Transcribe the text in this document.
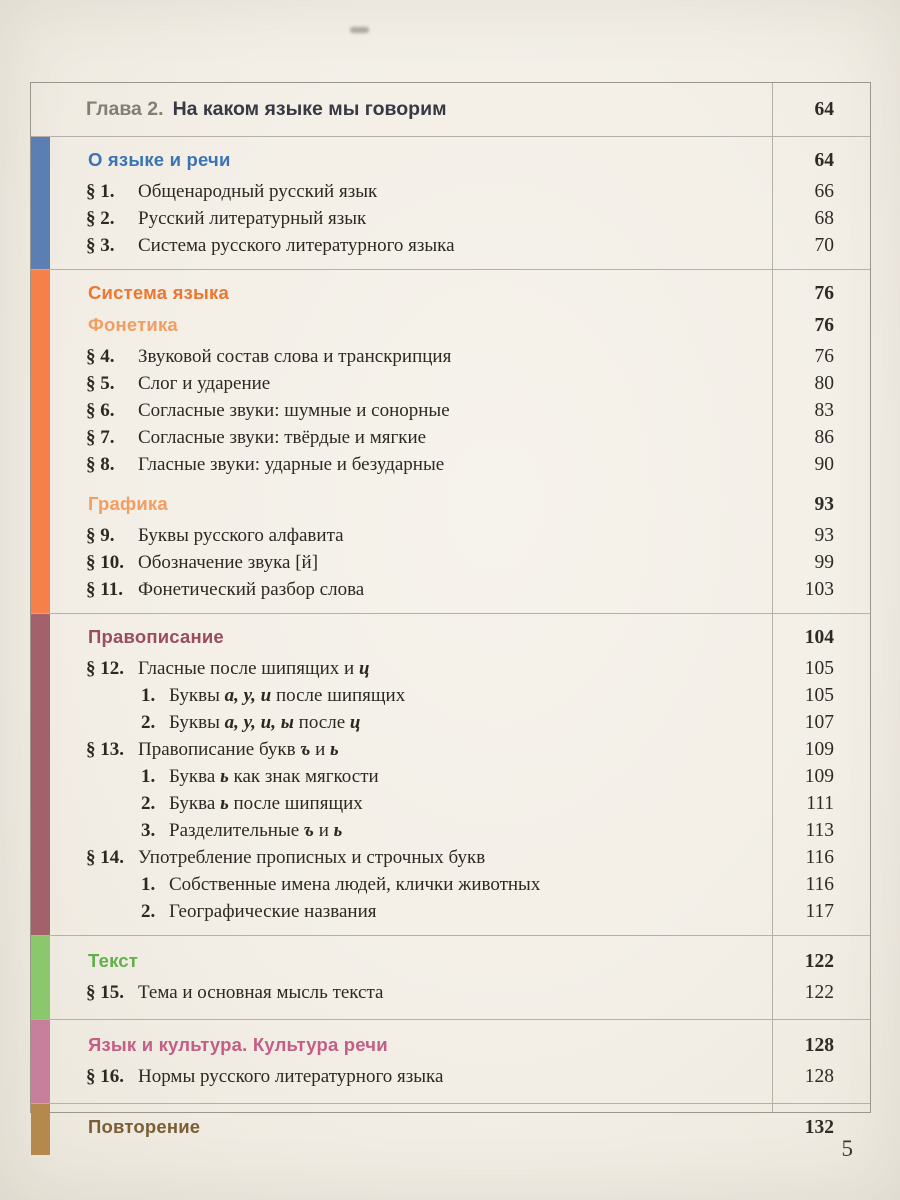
Глава 2. На каком языке мы говорим	64
О языке и речи	64
§ 1. Общенародный русский язык	66
§ 2. Русский литературный язык	68
§ 3. Система русского литературного языка	70
Система языка	76
Фонетика	76
§ 4. Звуковой состав слова и транскрипция	76
§ 5. Слог и ударение	80
§ 6. Согласные звуки: шумные и сонорные	83
§ 7. Согласные звуки: твёрдые и мягкие	86
§ 8. Гласные звуки: ударные и безударные	90
Графика	93
§ 9. Буквы русского алфавита	93
§ 10. Обозначение звука [й]	99
§ 11. Фонетический разбор слова	103
Правописание	104
§ 12. Гласные после шипящих и ц	105
1. Буквы а, у, и после шипящих	105
2. Буквы а, у, и, ы после ц	107
§ 13. Правописание букв ъ и ь	109
1. Буква ь как знак мягкости	109
2. Буква ь после шипящих	111
3. Разделительные ъ и ь	113
§ 14. Употребление прописных и строчных букв	116
1. Собственные имена людей, клички животных	116
2. Географические названия	117
Текст	122
§ 15. Тема и основная мысль текста	122
Язык и культура. Культура речи	128
§ 16. Нормы русского литературного языка	128
Повторение	132
5
